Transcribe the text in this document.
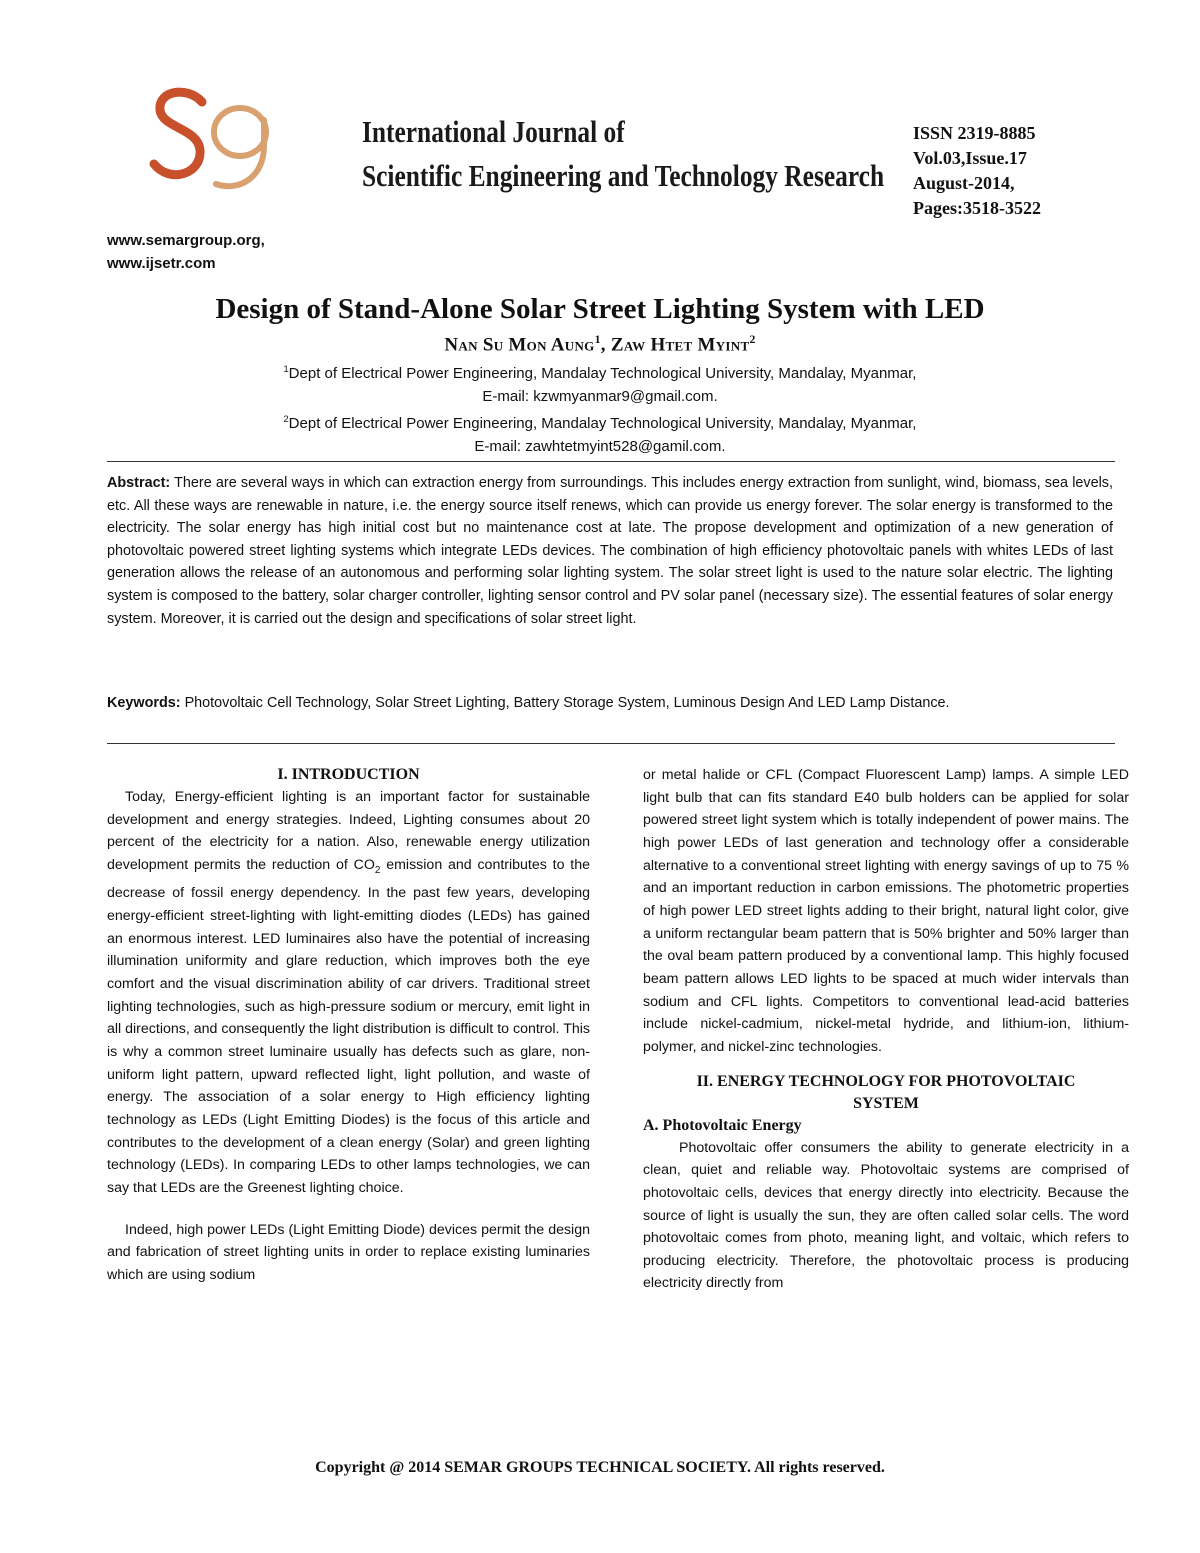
International Journal of
Scientific Engineering and Technology Research
ISSN 2319-8885
Vol.03,Issue.17
August-2014,
Pages:3518-3522
www.semargroup.org,
www.ijsetr.com
Design of Stand-Alone Solar Street Lighting System with LED
Nan Su Mon Aung$^1$, Zaw Htet Myint$^2$
$^1$Dept of Electrical Power Engineering, Mandalay Technological University, Mandalay, Myanmar,
E-mail: kzwmyanmar9@gmail.com.
$^2$Dept of Electrical Power Engineering, Mandalay Technological University, Mandalay, Myanmar,
E-mail: zawhtetmyint528@gamil.com.
Abstract: There are several ways in which can extraction energy from surroundings. This includes energy extraction from sunlight, wind, biomass, sea levels, etc. All these ways are renewable in nature, i.e. the energy source itself renews, which can provide us energy forever. The solar energy is transformed to the electricity. The solar energy has high initial cost but no maintenance cost at late. The propose development and optimization of a new generation of photovoltaic powered street lighting systems which integrate LEDs devices. The combination of high efficiency photovoltaic panels with whites LEDs of last generation allows the release of an autonomous and performing solar lighting system. The solar street light is used to the nature solar electric. The lighting system is composed to the battery, solar charger controller, lighting sensor control and PV solar panel (necessary size). The essential features of solar energy system. Moreover, it is carried out the design and specifications of solar street light.
Keywords: Photovoltaic Cell Technology, Solar Street Lighting, Battery Storage System, Luminous Design And LED Lamp Distance.
I. INTRODUCTION

Today, Energy-efficient lighting is an important factor for sustainable development and energy strategies. Indeed, Lighting consumes about 20 percent of the electricity for a nation. Also, renewable energy utilization development permits the reduction of $CO_2$ emission and contributes to the decrease of fossil energy dependency. In the past few years, developing energy-efficient street-lighting with light-emitting diodes (LEDs) has gained an enormous interest. LED luminaires also have the potential of increasing illumination uniformity and glare reduction, which improves both the eye comfort and the visual discrimination ability of car drivers. Traditional street lighting technologies, such as high-pressure sodium or mercury, emit light in all directions, and consequently the light distribution is difficult to control. This is why a common street luminaire usually has defects such as glare, non-uniform light pattern, upward reflected light, light pollution, and waste of energy. The association of a solar energy to High efficiency lighting technology as LEDs (Light Emitting Diodes) is the focus of this article and contributes to the development of a clean energy (Solar) and green lighting technology (LEDs). In comparing LEDs to other lamps technologies, we can say that LEDs are the Greenest lighting choice.

Indeed, high power LEDs (Light Emitting Diode) devices permit the design and fabrication of street lighting units in order to replace existing luminaries which are using sodium

or metal halide or CFL (Compact Fluorescent Lamp) lamps. A simple LED light bulb that can fits standard E40 bulb holders can be applied for solar powered street light system which is totally independent of power mains. The high power LEDs of last generation and technology offer a considerable alternative to a conventional street lighting with energy savings of up to 75 % and an important reduction in carbon emissions. The photometric properties of high power LED street lights adding to their bright, natural light color, give a uniform rectangular beam pattern that is 50% brighter and 50% larger than the oval beam pattern produced by a conventional lamp. This highly focused beam pattern allows LED lights to be spaced at much wider intervals than sodium and CFL lights. Competitors to conventional lead-acid batteries include nickel-cadmium, nickel-metal hydride, and lithium-ion, lithium-polymer, and nickel-zinc technologies.

II. ENERGY TECHNOLOGY FOR PHOTOVOLTAIC
SYSTEM
A. Photovoltaic Energy

Photovoltaic offer consumers the ability to generate electricity in a clean, quiet and reliable way. Photovoltaic systems are comprised of photovoltaic cells, devices that energy directly into electricity. Because the source of light is usually the sun, they are often called solar cells. The word photovoltaic comes from photo, meaning light, and voltaic, which refers to producing electricity. Therefore, the photovoltaic process is producing electricity directly from

Copyright @ 2014 SEMAR GROUPS TECHNICAL SOCIETY. All rights reserved.
